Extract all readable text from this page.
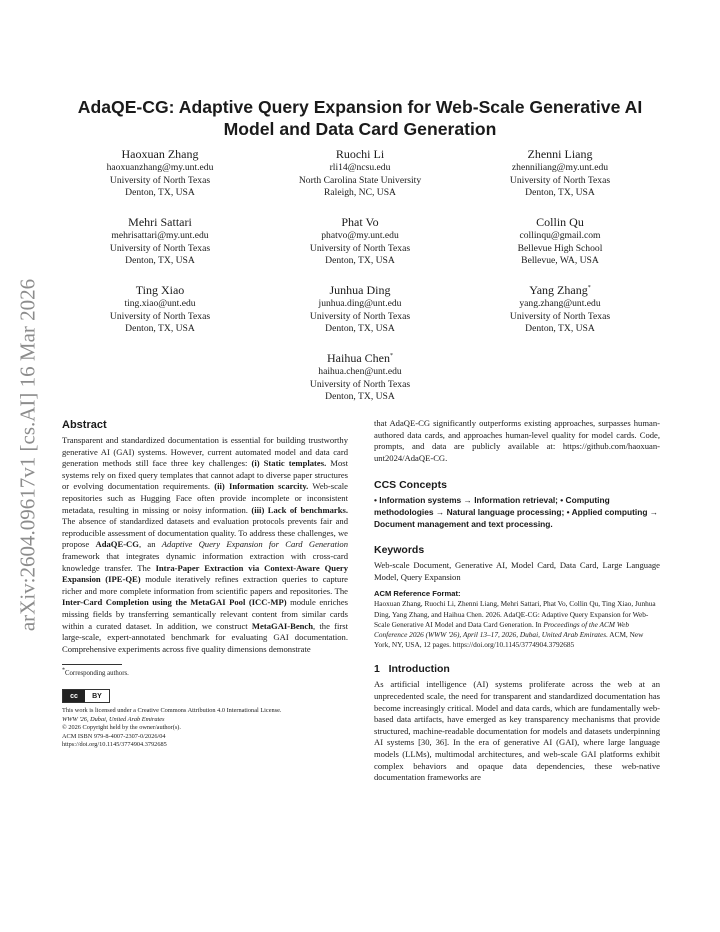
arXiv:2604.09617v1 [cs.AI] 16 Mar 2026
AdaQE-CG: Adaptive Query Expansion for Web-Scale Generative AI Model and Data Card Generation
Haoxuan Zhang
haoxuanzhang@my.unt.edu
University of North Texas
Denton, TX, USA
Ruochi Li
rli14@ncsu.edu
North Carolina State University
Raleigh, NC, USA
Zhenni Liang
zhenniliang@my.unt.edu
University of North Texas
Denton, TX, USA
Mehri Sattari
mehrisattari@my.unt.edu
University of North Texas
Denton, TX, USA
Phat Vo
phatvo@my.unt.edu
University of North Texas
Denton, TX, USA
Collin Qu
collinqu@gmail.com
Bellevue High School
Bellevue, WA, USA
Ting Xiao
ting.xiao@unt.edu
University of North Texas
Denton, TX, USA
Junhua Ding
junhua.ding@unt.edu
University of North Texas
Denton, TX, USA
Yang Zhang*
yang.zhang@unt.edu
University of North Texas
Denton, TX, USA
Haihua Chen*
haihua.chen@unt.edu
University of North Texas
Denton, TX, USA
Abstract

Transparent and standardized documentation is essential for building trustworthy generative AI (GAI) systems. However, current automated model and data card generation methods still face three key challenges: (i) Static templates. Most systems rely on fixed query templates that cannot adapt to diverse paper structures or evolving documentation requirements. (ii) Information scarcity. Web-scale repositories such as Hugging Face often provide incomplete or inconsistent metadata, resulting in missing or noisy information. (iii) Lack of benchmarks. The absence of standardized datasets and evaluation protocols prevents fair and reproducible assessment of documentation quality. To address these challenges, we propose AdaQE-CG, an Adaptive Query Expansion for Card Generation framework that integrates dynamic information extraction with cross-card knowledge transfer. The Intra-Paper Extraction via Context-Aware Query Expansion (IPE-QE) module iteratively refines extraction queries to capture richer and more complete information from scientific papers and repositories. The Inter-Card Completion using the MetaGAI Pool (ICC-MP) module enriches missing fields by transferring semantically relevant content from similar cards within a curated dataset. In addition, we construct MetaGAI-Bench, the first large-scale, expert-annotated benchmark for evaluating GAI documentation. Comprehensive experiments across five quality dimensions demonstrate

*Corresponding authors.

cc	BY

This work is licensed under a Creative Commons Attribution 4.0 International License.

WWW '26, Dubai, United Arab Emirates

© 2026 Copyright held by the owner/author(s).

ACM ISBN 979-8-4007-2307-0/2026/04

https://doi.org/10.1145/3774904.3792685

that AdaQE-CG significantly outperforms existing approaches, surpasses human-authored data cards, and approaches human-level quality for model cards. Code, prompts, and data are publicly available at: https://github.com/haoxuan-unt2024/AdaQE-CG.

CCS Concepts

• Information systems → Information retrieval; • Computing methodologies → Natural language processing; • Applied computing → Document management and text processing.

Keywords

Web-scale Document, Generative AI, Model Card, Data Card, Large Language Model, Query Expansion

ACM Reference Format:

Haoxuan Zhang, Ruochi Li, Zhenni Liang, Mehri Sattari, Phat Vo, Collin Qu, Ting Xiao, Junhua Ding, Yang Zhang, and Haihua Chen. 2026. AdaQE-CG: Adaptive Query Expansion for Web-Scale Generative AI Model and Data Card Generation. In Proceedings of the ACM Web Conference 2026 (WWW '26), April 13–17, 2026, Dubai, United Arab Emirates. ACM, New York, NY, USA, 12 pages. https://doi.org/10.1145/3774904.3792685

1   Introduction

As artificial intelligence (AI) systems proliferate across the web at an unprecedented scale, the need for transparent and standardized documentation has become increasingly critical. Model and data cards, which are fundamentally web-based data artifacts, have emerged as key transparency mechanisms that provide structured, machine-readable documentation for models and datasets underpinning AI systems [30, 36]. In the era of generative AI (GAI), where large language models (LLMs), multimodal architectures, and web-scale GAI platforms exhibit complex behaviors and opaque data dependencies, these web-native documentation frameworks are
